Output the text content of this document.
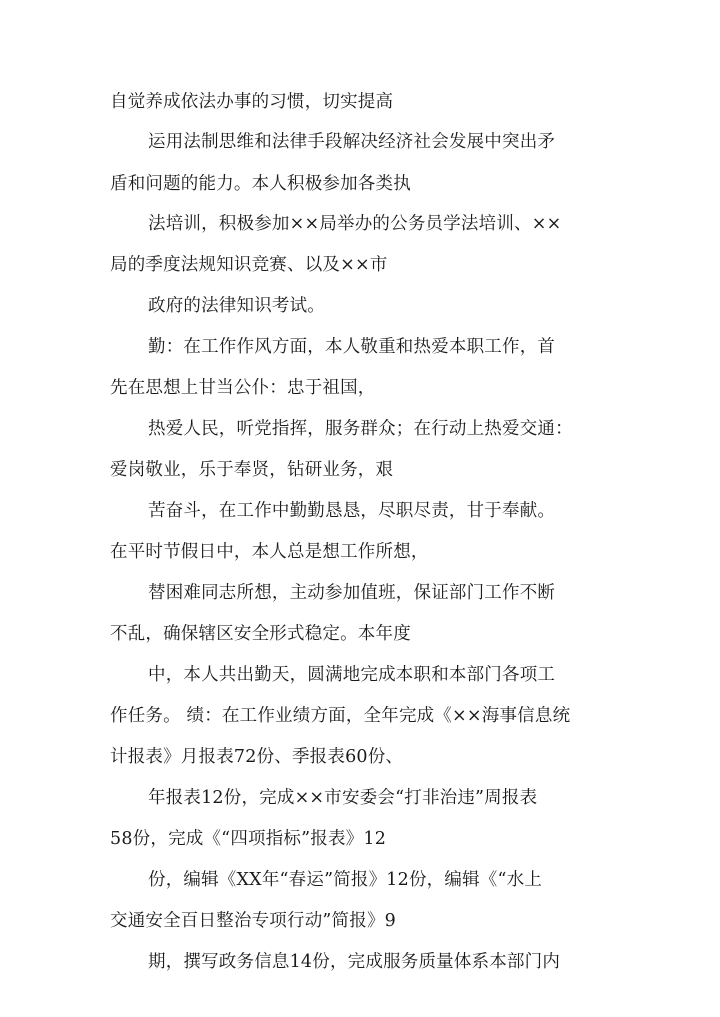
自觉养成依法办事的习惯，切实提高
运用法制思维和法律手段解决经济社会发展中突出矛
盾和问题的能力。本人积极参加各类执
法培训，积极参加××局举办的公务员学法培训、××
局的季度法规知识竞赛、以及××市
政府的法律知识考试。
勤：在工作作风方面，本人敬重和热爱本职工作，首
先在思想上甘当公仆：忠于祖国，
热爱人民，听党指挥，服务群众；在行动上热爱交通：
爱岗敬业，乐于奉贤，钻研业务，艰
苦奋斗，在工作中勤勤恳恳，尽职尽责，甘于奉献。
在平时节假日中，本人总是想工作所想，
替困难同志所想，主动参加值班，保证部门工作不断
不乱，确保辖区安全形式稳定。本年度
中，本人共出勤天，圆满地完成本职和本部门各项工
作任务。 绩：在工作业绩方面，全年完成《××海事信息统
计报表》月报表72份、季报表60份、
年报表12份，完成××市安委会“打非治违”周报表
58份，完成《“四项指标”报表》12
份，编辑《XX年“春运”简报》12份，编辑《“水上
交通安全百日整治专项行动”简报》9
期，撰写政务信息14份，完成服务质量体系本部门内
